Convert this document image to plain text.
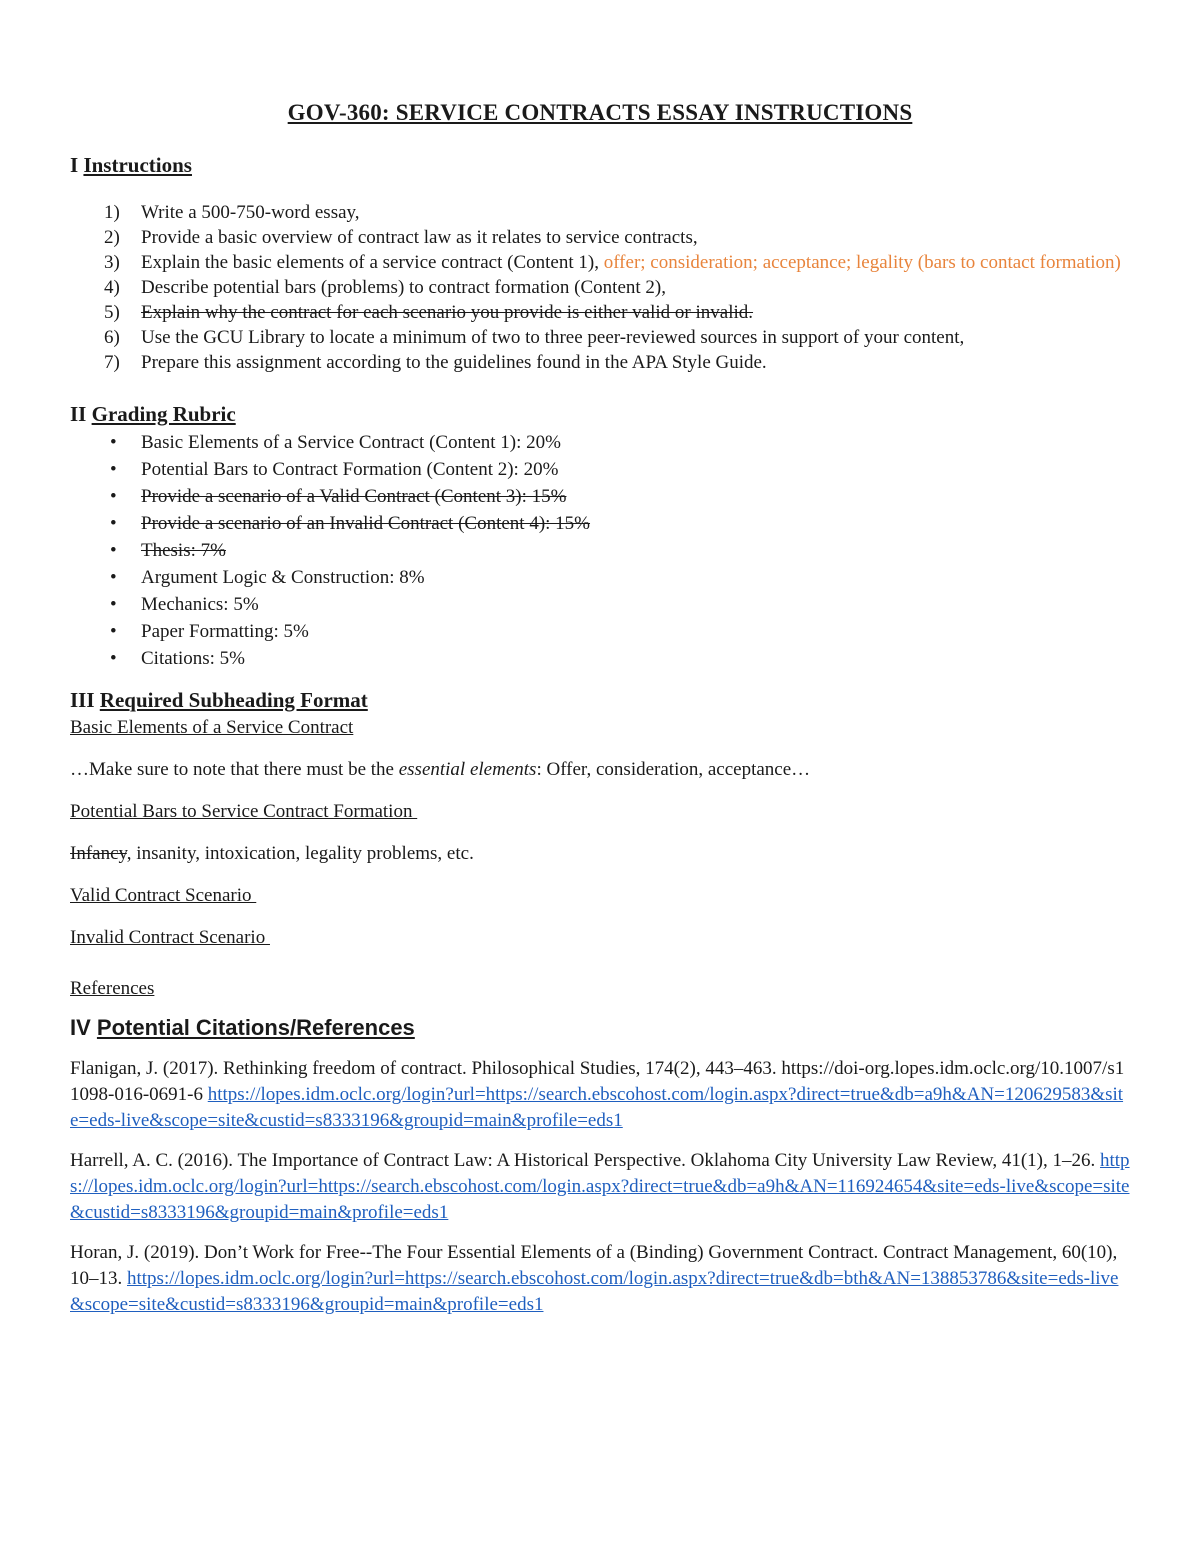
GOV-360: SERVICE CONTRACTS ESSAY INSTRUCTIONS

I Instructions

1) Write a 500-750-word essay,
2) Provide a basic overview of contract law as it relates to service contracts,
3) Explain the basic elements of a service contract (Content 1), offer; consideration; acceptance; legality (bars to contact formation)
4) Describe potential bars (problems) to contract formation (Content 2),
5) Explain why the contract for each scenario you provide is either valid or invalid.
6) Use the GCU Library to locate a minimum of two to three peer-reviewed sources in support of your content,
7) Prepare this assignment according to the guidelines found in the APA Style Guide.

II Grading Rubric

• Basic Elements of a Service Contract (Content 1): 20%
• Potential Bars to Contract Formation (Content 2): 20%
• Provide a scenario of a Valid Contract (Content 3): 15%
• Provide a scenario of an Invalid Contract (Content 4): 15%
• Thesis: 7%
• Argument Logic & Construction: 8%
• Mechanics: 5%
• Paper Formatting: 5%
• Citations: 5%

III Required Subheading Format

Basic Elements of a Service Contract

…Make sure to note that there must be the essential elements: Offer, consideration, acceptance…

Potential Bars to Service Contract Formation

Infancy, insanity, intoxication, legality problems, etc.

Valid Contract Scenario

Invalid Contract Scenario

References

IV Potential Citations/References

Flanigan, J. (2017). Rethinking freedom of contract. Philosophical Studies, 174(2), 443–463. https://doi-org.lopes.idm.oclc.org/10.1007/s11098-016-0691-6 https://lopes.idm.oclc.org/login?url=https://search.ebscohost.com/login.aspx?direct=true&db=a9h&AN=120629583&site=eds-live&scope=site&custid=s8333196&groupid=main&profile=eds1

Harrell, A. C. (2016). The Importance of Contract Law: A Historical Perspective. Oklahoma City University Law Review, 41(1), 1–26. https://lopes.idm.oclc.org/login?url=https://search.ebscohost.com/login.aspx?direct=true&db=a9h&AN=116924654&site=eds-live&scope=site&custid=s8333196&groupid=main&profile=eds1

Horan, J. (2019). Don’t Work for Free--The Four Essential Elements of a (Binding) Government Contract. Contract Management, 60(10), 10–13. https://lopes.idm.oclc.org/login?url=https://search.ebscohost.com/login.aspx?direct=true&db=bth&AN=138853786&site=eds-live&scope=site&custid=s8333196&groupid=main&profile=eds1
